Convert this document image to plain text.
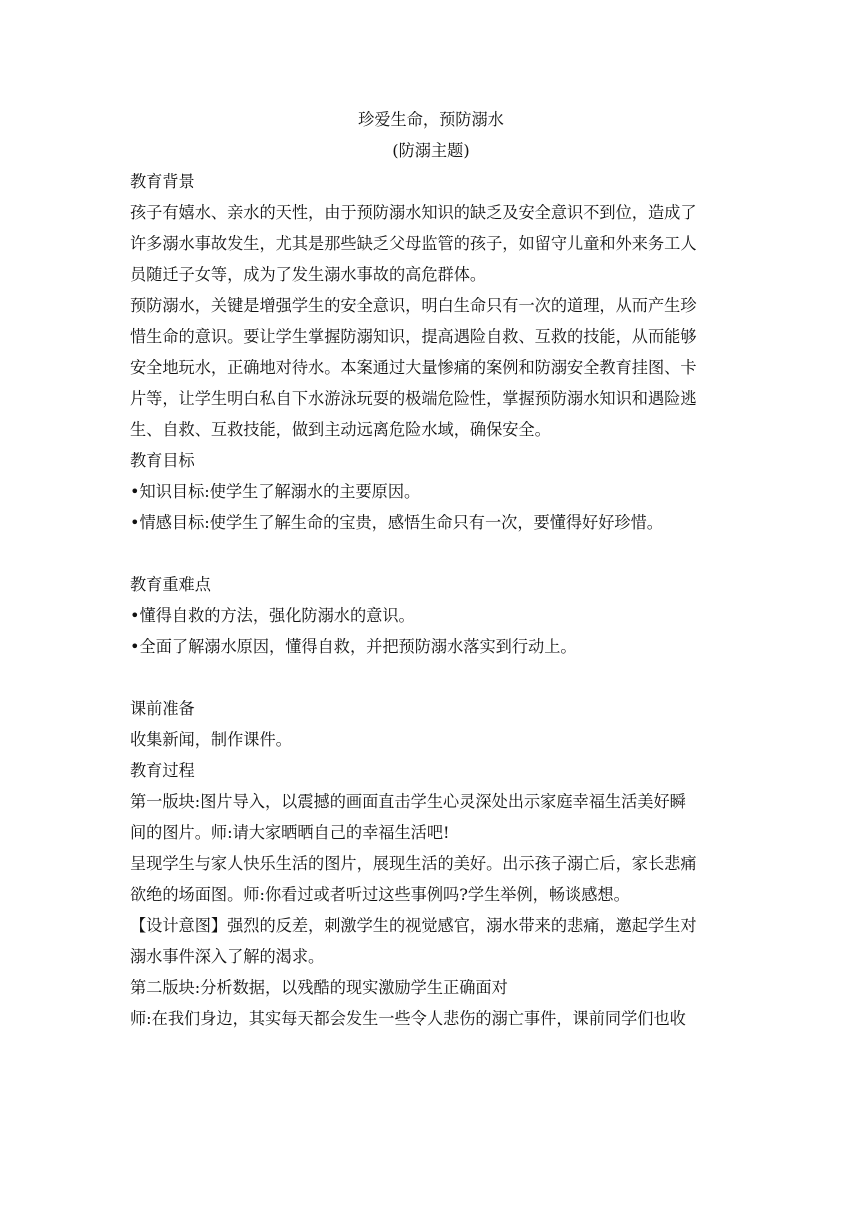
珍爱生命，预防溺水
(防溺主题)
教育背景
孩子有嬉水、亲水的天性，由于预防溺水知识的缺乏及安全意识不到位，造成了
许多溺水事故发生，尤其是那些缺乏父母监管的孩子，如留守儿童和外来务工人
员随迁子女等，成为了发生溺水事故的高危群体。
预防溺水，关键是增强学生的安全意识，明白生命只有一次的道理，从而产生珍
惜生命的意识。要让学生掌握防溺知识，提高遇险自救、互救的技能，从而能够
安全地玩水，正确地对待水。本案通过大量惨痛的案例和防溺安全教育挂图、卡
片等，让学生明白私自下水游泳玩耍的极端危险性，掌握预防溺水知识和遇险逃
生、自救、互救技能，做到主动远离危险水域，确保安全。
教育目标
•知识目标:使学生了解溺水的主要原因。
•情感目标:使学生了解生命的宝贵，感悟生命只有一次，要懂得好好珍惜。
教育重难点
•懂得自救的方法，强化防溺水的意识。
•全面了解溺水原因，懂得自救，并把预防溺水落实到行动上。
课前准备
收集新闻，制作课件。
教育过程
第一版块:图片导入，以震撼的画面直击学生心灵深处出示家庭幸福生活美好瞬
间的图片。师:请大家晒晒自己的幸福生活吧!
呈现学生与家人快乐生活的图片，展现生活的美好。出示孩子溺亡后，家长悲痛
欲绝的场面图。师:你看过或者听过这些事例吗?学生举例，畅谈感想。
【设计意图】强烈的反差，刺激学生的视觉感官，溺水带来的悲痛，邀起学生对
溺水事件深入了解的渴求。
第二版块:分析数据，以残酷的现实激励学生正确面对
师:在我们身边，其实每天都会发生一些令人悲伤的溺亡事件，课前同学们也收
